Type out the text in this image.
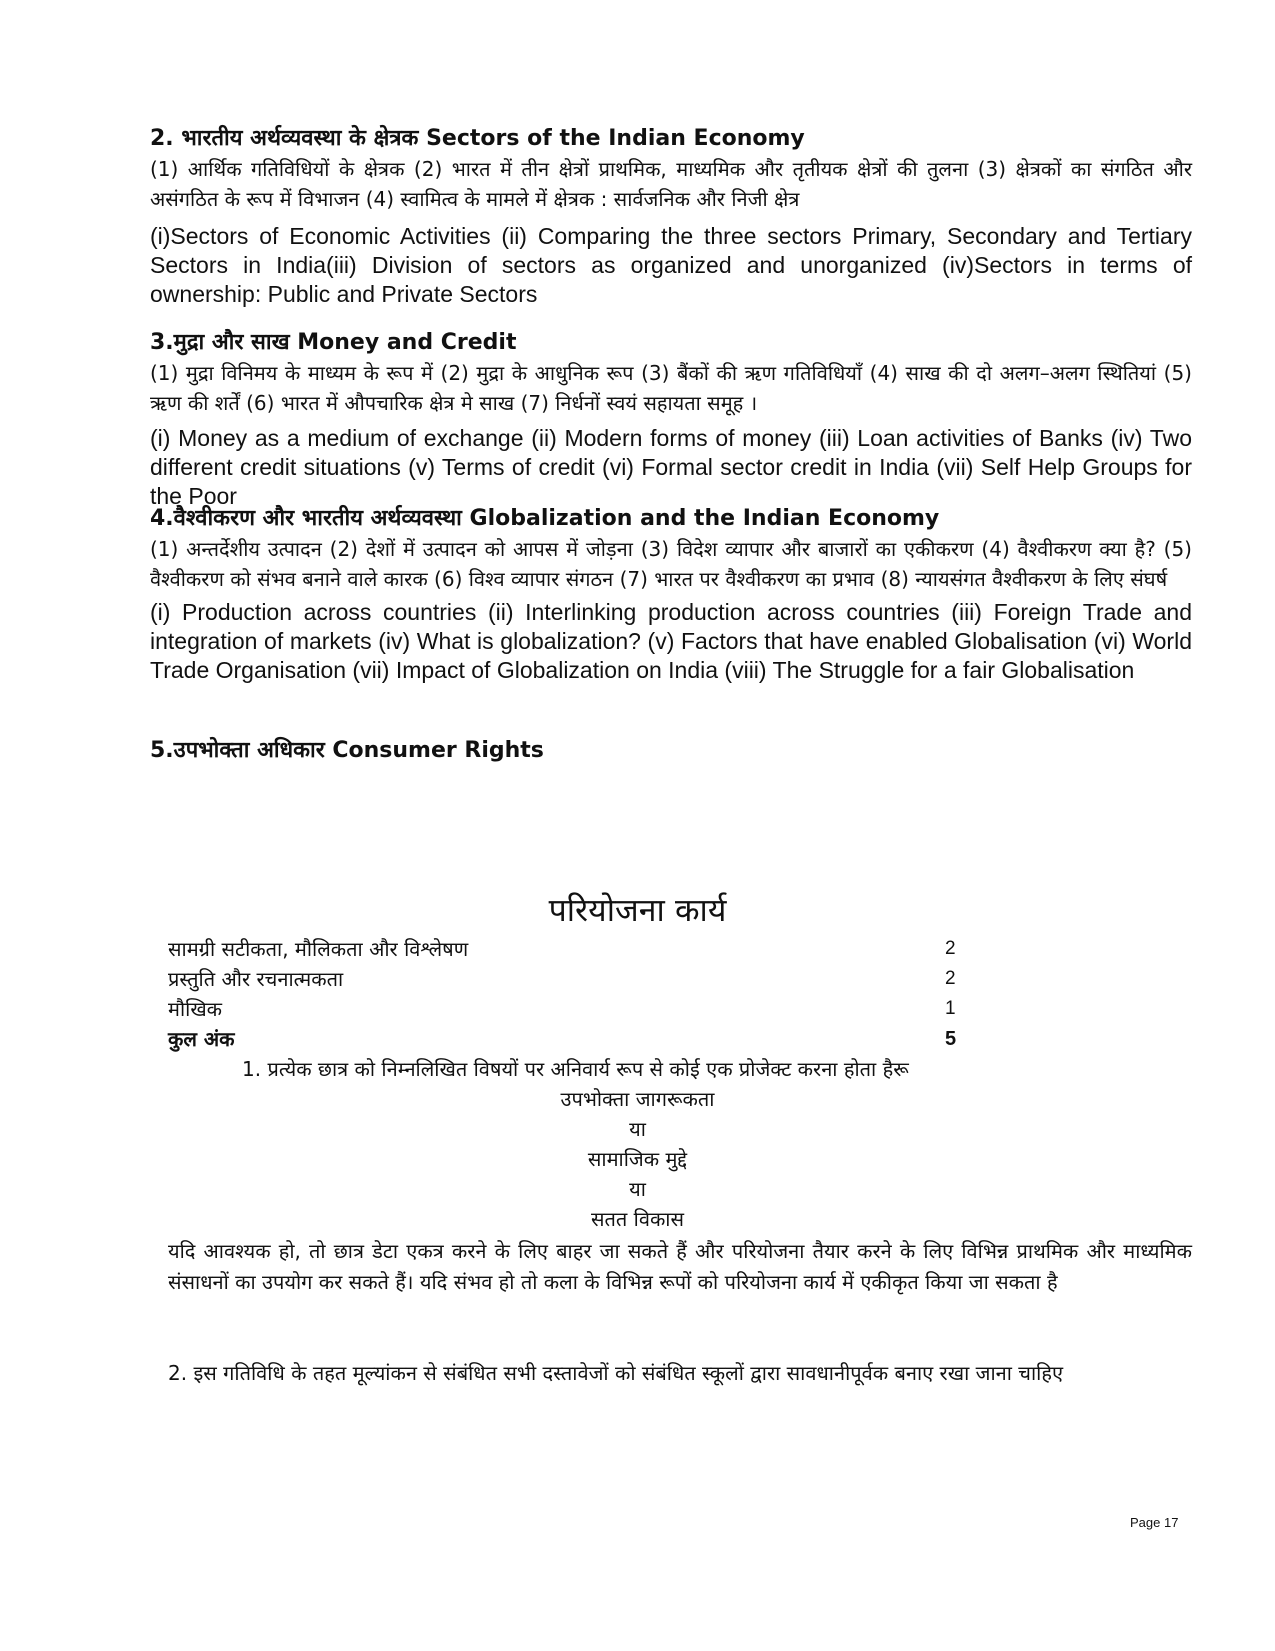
2. भारतीय अर्थव्यवस्था के क्षेत्रक Sectors of the Indian Economy

(1) आर्थिक गतिविधियों के क्षेत्रक (2) भारत में तीन क्षेत्रों प्राथमिक, माध्यमिक और तृतीयक क्षेत्रों की तुलना (3) क्षेत्रकों का संगठित और असंगठित के रूप में विभाजन (4) स्वामित्व के मामले में क्षेत्रक : सार्वजनिक और निजी क्षेत्र

(i)Sectors of Economic Activities (ii) Comparing the three sectors Primary, Secondary and Tertiary Sectors in India(iii) Division of sectors as organized and unorganized (iv)Sectors in terms of ownership: Public and Private Sectors

3.मुद्रा और साख Money and Credit

(1) मुद्रा विनिमय के माध्यम के रूप में (2) मुद्रा के आधुनिक रूप (3) बैंकों की ऋण गतिविधियाँ (4) साख की दो अलग–अलग स्थितियां (5) ऋण की शर्तें (6) भारत में औपचारिक क्षेत्र मे साख (7) निर्धनों स्वयं सहायता समूह ।

(i) Money as a medium of exchange (ii) Modern forms of money (iii) Loan activities of Banks (iv) Two different credit situations (v) Terms of credit (vi) Formal sector credit in India (vii) Self Help Groups for the Poor

4.वैश्वीकरण और भारतीय अर्थव्यवस्था Globalization and the Indian Economy

(1) अन्तर्देशीय उत्पादन (2) देशों में उत्पादन को आपस में जोड़ना (3) विदेश व्यापार और बाजारों का एकीकरण (4) वैश्वीकरण क्या है? (5) वैश्वीकरण को संभव बनाने वाले कारक (6) विश्व व्यापार संगठन (7) भारत पर वैश्वीकरण का प्रभाव (8) न्यायसंगत वैश्वीकरण के लिए संघर्ष

(i) Production across countries (ii) Interlinking production across countries (iii) Foreign Trade and integration of markets (iv) What is globalization? (v) Factors that have enabled Globalisation (vi) World Trade Organisation (vii) Impact of Globalization on India (viii) The Struggle for a fair Globalisation

5.उपभोक्ता अधिकार Consumer Rights

परियोजना कार्य

सामग्री सटीकता, मौलिकता और विश्लेषण	2
प्रस्तुति और रचनात्मकता	2
मौखिक	1
कुल अंक	5
1. प्रत्येक छात्र को निम्नलिखित विषयों पर अनिवार्य रूप से कोई एक प्रोजेक्ट करना होता हैरू
उपभोक्ता जागरूकता
या
सामाजिक मुद्दे
या
सतत विकास

यदि आवश्यक हो, तो छात्र डेटा एकत्र करने के लिए बाहर जा सकते हैं और परियोजना तैयार करने के लिए विभिन्न प्राथमिक और माध्यमिक संसाधनों का उपयोग कर सकते हैं। यदि संभव हो तो कला के विभिन्न रूपों को परियोजना कार्य में एकीकृत किया जा सकता है

2. इस गतिविधि के तहत मूल्यांकन से संबंधित सभी दस्तावेजों को संबंधित स्कूलों द्वारा सावधानीपूर्वक बनाए रखा जाना चाहिए

Page 17
